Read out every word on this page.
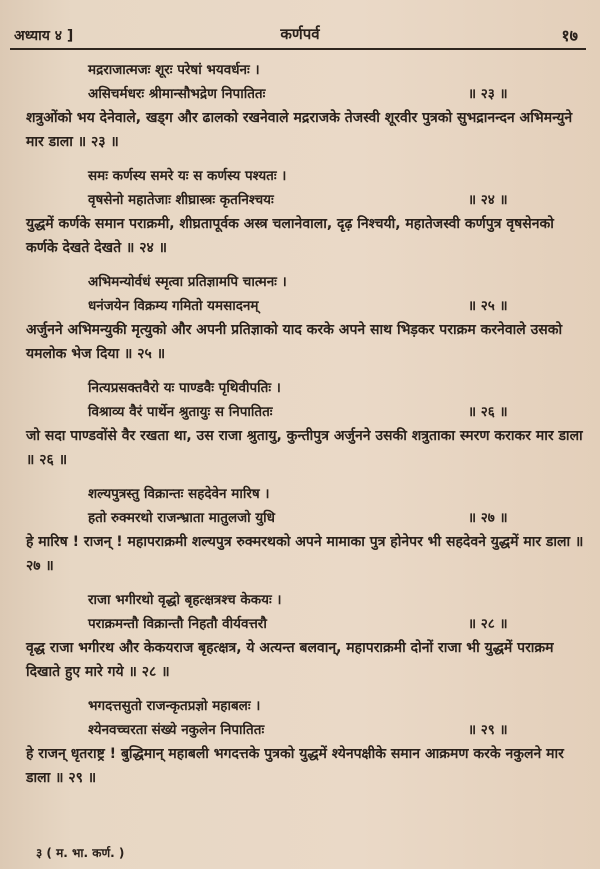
अध्याय ४ ]	कर्णपर्व	१७
मद्रराजात्मजः शूरः परेषां भयवर्धनः ।
असिचर्मधरः श्रीमान्सौभद्रेण निपातितः	॥ २३ ॥

शत्रुओंको भय देनेवाले, खड्ग और ढालको रखनेवाले मद्रराजके तेजस्वी शूरवीर पुत्रको सुभद्रानन्दन अभिमन्युने मार डाला ॥ २३ ॥

समः कर्णस्य समरे यः स कर्णस्य पश्यतः ।
वृषसेनो महातेजाः शीघ्रास्त्रः कृतनिश्चयः	॥ २४ ॥

युद्धमें कर्णके समान पराक्रमी, शीघ्रतापूर्वक अस्त्र चलानेवाला, दृढ़ निश्चयी, महातेजस्वी कर्णपुत्र वृषसेनको कर्णके देखते देखते ॥ २४ ॥

अभिमन्योर्वधं स्मृत्वा प्रतिज्ञामपि चात्मनः ।
धनंजयेन विक्रम्य गमितो यमसादनम्	॥ २५ ॥

अर्जुनने अभिमन्युकी मृत्युको और अपनी प्रतिज्ञाको याद करके अपने साथ भिड़कर पराक्रम करनेवाले उसको यमलोक भेज दिया ॥ २५ ॥

नित्यप्रसक्तवैरो यः पाण्डवैः पृथिवीपतिः ।
विश्राव्य वैरं पार्थेन श्रुतायुः स निपातितः	॥ २६ ॥

जो सदा पाण्डवोंसे वैर रखता था, उस राजा श्रुतायु, कुन्तीपुत्र अर्जुनने उसकी शत्रुताका स्मरण कराकर मार डाला ॥ २६ ॥

शल्यपुत्रस्तु विक्रान्तः सहदेवेन मारिष ।
हतो रुक्मरथो राजन्भ्राता मातुलजो युधि	॥ २७ ॥

हे मारिष ! राजन् ! महापराक्रमी शल्यपुत्र रुक्मरथको अपने मामाका पुत्र होनेपर भी सहदेवने युद्धमें मार डाला ॥ २७ ॥

राजा भगीरथो वृद्धो बृहत्क्षत्रश्च केकयः ।
पराक्रमन्तौ विक्रान्तौ निहतौ वीर्यवत्तरौ	॥ २८ ॥

वृद्ध राजा भगीरथ और केकयराज बृहत्क्षत्र, ये अत्यन्त बलवान्, महापराक्रमी दोनों राजा भी युद्धमें पराक्रम दिखाते हुए मारे गये ॥ २८ ॥

भगदत्तसुतो राजन्कृतप्रज्ञो महाबलः ।
श्येनवच्चरता संख्ये नकुलेन निपातितः	॥ २९ ॥

हे राजन् धृतराष्ट्र ! बुद्धिमान् महाबली भगदत्तके पुत्रको युद्धमें श्येनपक्षीके समान आक्रमण करके नकुलने मार डाला ॥ २९ ॥

३ ( म. भा. कर्ण. )
